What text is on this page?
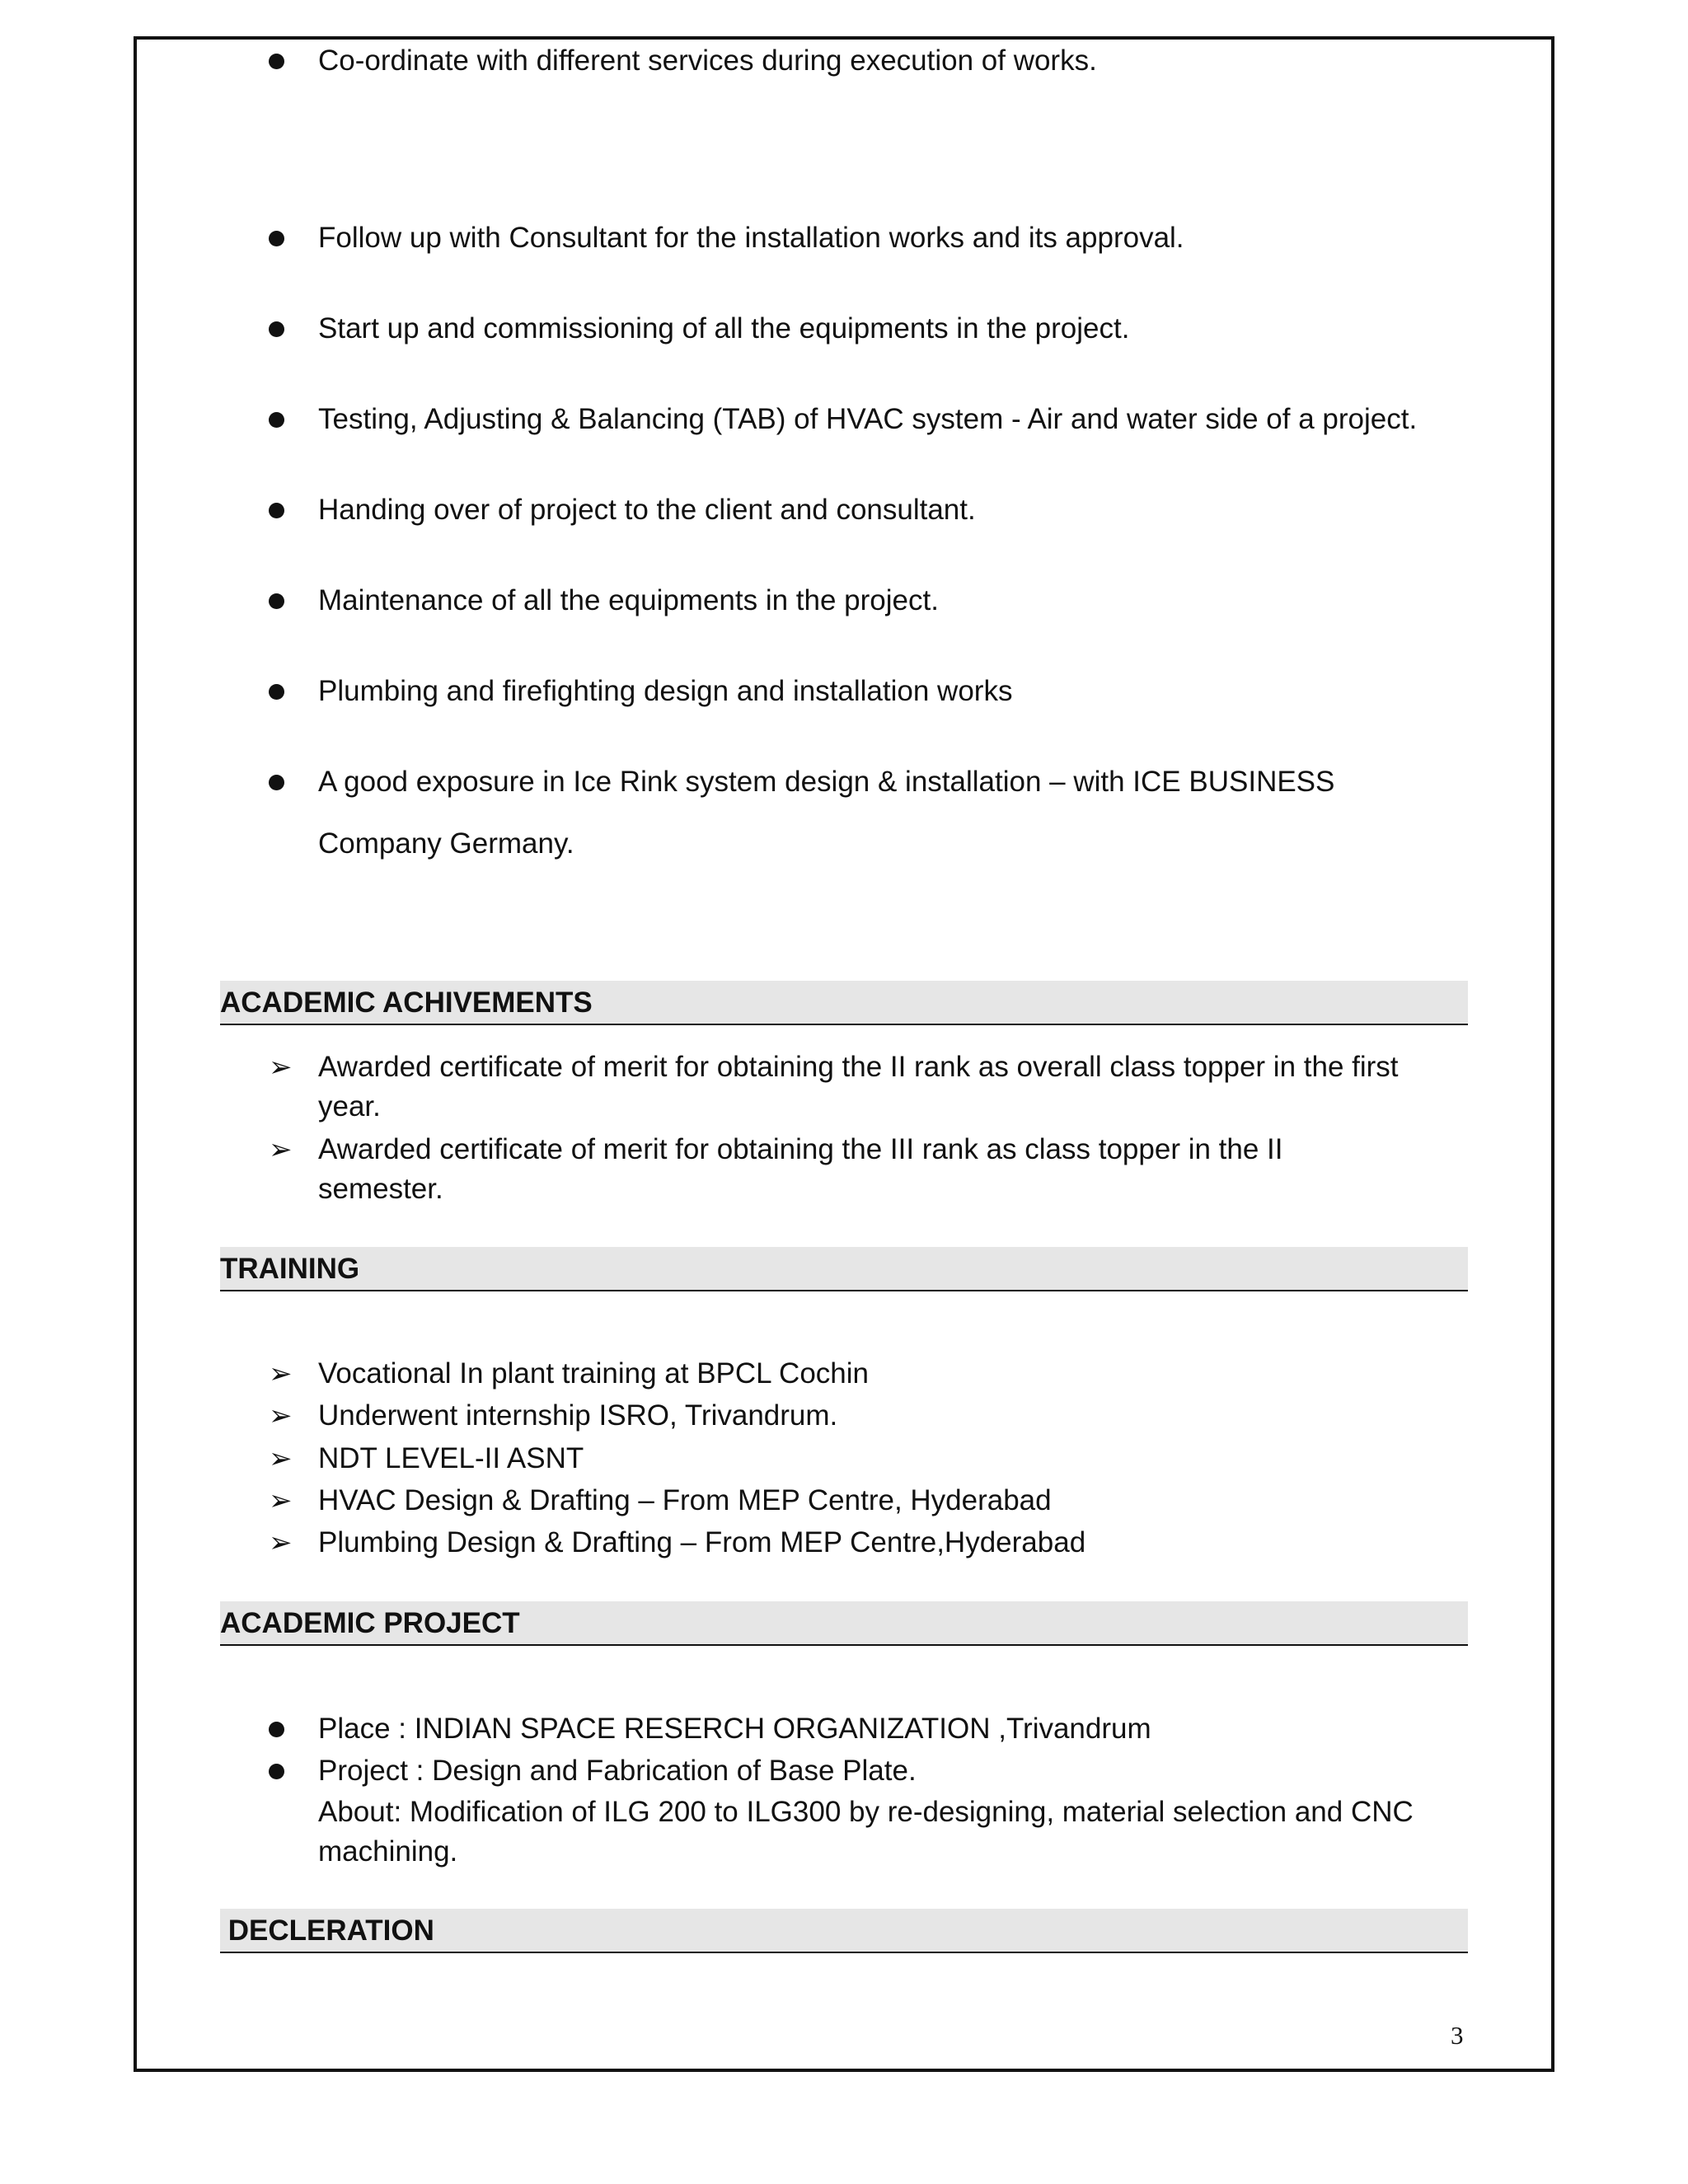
Co-ordinate with different services during execution of works.
Follow up with Consultant for the installation works and its approval.
Start up and commissioning of all the equipments in the project.
Testing, Adjusting & Balancing (TAB) of HVAC system - Air and water side of a project.
Handing over of project to the client and consultant.
Maintenance of all the equipments in the project.
Plumbing and firefighting design and installation works
A good exposure in Ice Rink system design & installation – with ICE BUSINESS
Company Germany.
ACADEMIC ACHIVEMENTS
➢ Awarded certificate of merit for obtaining the II rank as overall class topper in the first
year.
➢ Awarded certificate of merit for obtaining the III rank as class topper in the II
semester.
TRAINING
➢ Vocational In plant training at BPCL Cochin
➢ Underwent internship ISRO, Trivandrum.
➢ NDT LEVEL-II ASNT
➢ HVAC Design & Drafting – From MEP Centre, Hyderabad
➢ Plumbing Design & Drafting – From MEP Centre,Hyderabad
ACADEMIC PROJECT
Place : INDIAN SPACE RESERCH ORGANIZATION ,Trivandrum
Project : Design and Fabrication of Base Plate.
About: Modification of ILG 200 to ILG300 by re-designing, material selection and CNC
machining.
DECLERATION
3
